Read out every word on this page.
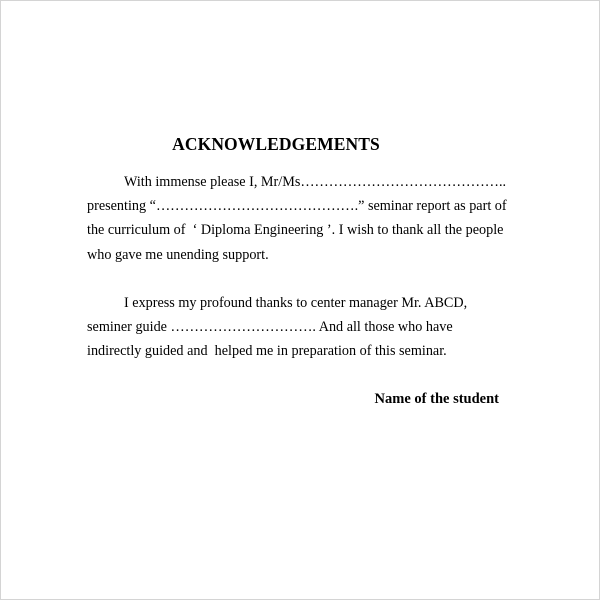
ACKNOWLEDGEMENTS
With immense please I, Mr/Ms……………………………………..
presenting “…………………………………….” seminar report as part of
the curriculum of  ‘ Diploma Engineering ’. I wish to thank all the people
who gave me unending support.
I express my profound thanks to center manager Mr. ABCD,
seminer guide …………………………. And all those who have
indirectly guided and  helped me in preparation of this seminar.
Name of the student
